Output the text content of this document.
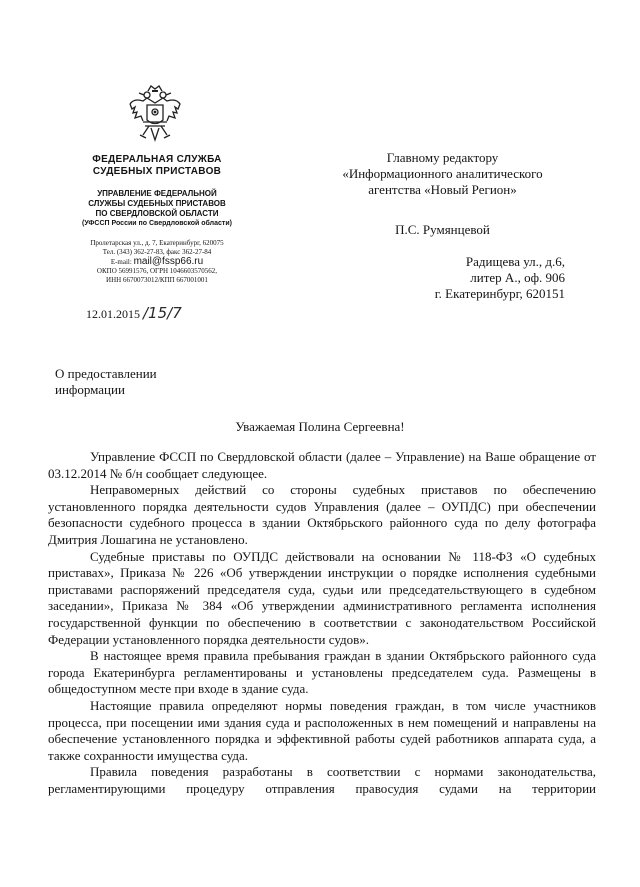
ФЕДЕРАЛЬНАЯ СЛУЖБА
СУДЕБНЫХ ПРИСТАВОВ
УПРАВЛЕНИЕ ФЕДЕРАЛЬНОЙ
СЛУЖБЫ СУДЕБНЫХ ПРИСТАВОВ
ПО СВЕРДЛОВСКОЙ ОБЛАСТИ
(УФССП России по Свердловской области)
Пролетарская ул., д. 7, Екатеринбург, 620075
Тел. (343) 362-27-83, факс 362-27-84
E-mail: mail@fssp66.ru
ОКПО 56991576, ОГРН 1046603570562,
ИНН 6670073012/КПП 667001001
12.01.2015 /15/7
Главному редактору
«Информационного аналитического
агентства «Новый Регион»
П.С. Румянцевой
Радищева ул., д.6,
литер А., оф. 906
г. Екатеринбург, 620151
О предоставлении
информации
Уважаемая Полина Сергеевна!

Управление ФССП по Свердловской области (далее – Управление) на Ваше обращение от 03.12.2014 № б/н сообщает следующее.

Неправомерных действий со стороны судебных приставов по обеспечению установленного порядка деятельности судов Управления (далее – ОУПДС) при обеспечении безопасности судебного процесса в здании Октябрьского районного суда по делу фотографа Дмитрия Лошагина не установлено.

Судебные приставы по ОУПДС действовали на основании № 118-ФЗ «О судебных приставах», Приказа № 226 «Об утверждении инструкции о порядке исполнения судебными приставами распоряжений председателя суда, судьи или председательствующего в судебном заседании», Приказа № 384 «Об утверждении административного регламента исполнения государственной функции по обеспечению в соответствии с законодательством Российской Федерации установленного порядка деятельности судов».

В настоящее время правила пребывания граждан в здании Октябрьского районного суда города Екатеринбурга регламентированы и установлены председателем суда. Размещены в общедоступном месте при входе в здание суда.

Настоящие правила определяют нормы поведения граждан, в том числе участников процесса, при посещении ими здания суда и расположенных в нем помещений и направлены на обеспечение установленного порядка и эффективной работы судей работников аппарата суда, а также сохранности имущества суда.

Правила поведения разработаны в соответствии с нормами законодательства, регламентирующими процедуру отправления правосудия судами на территории
